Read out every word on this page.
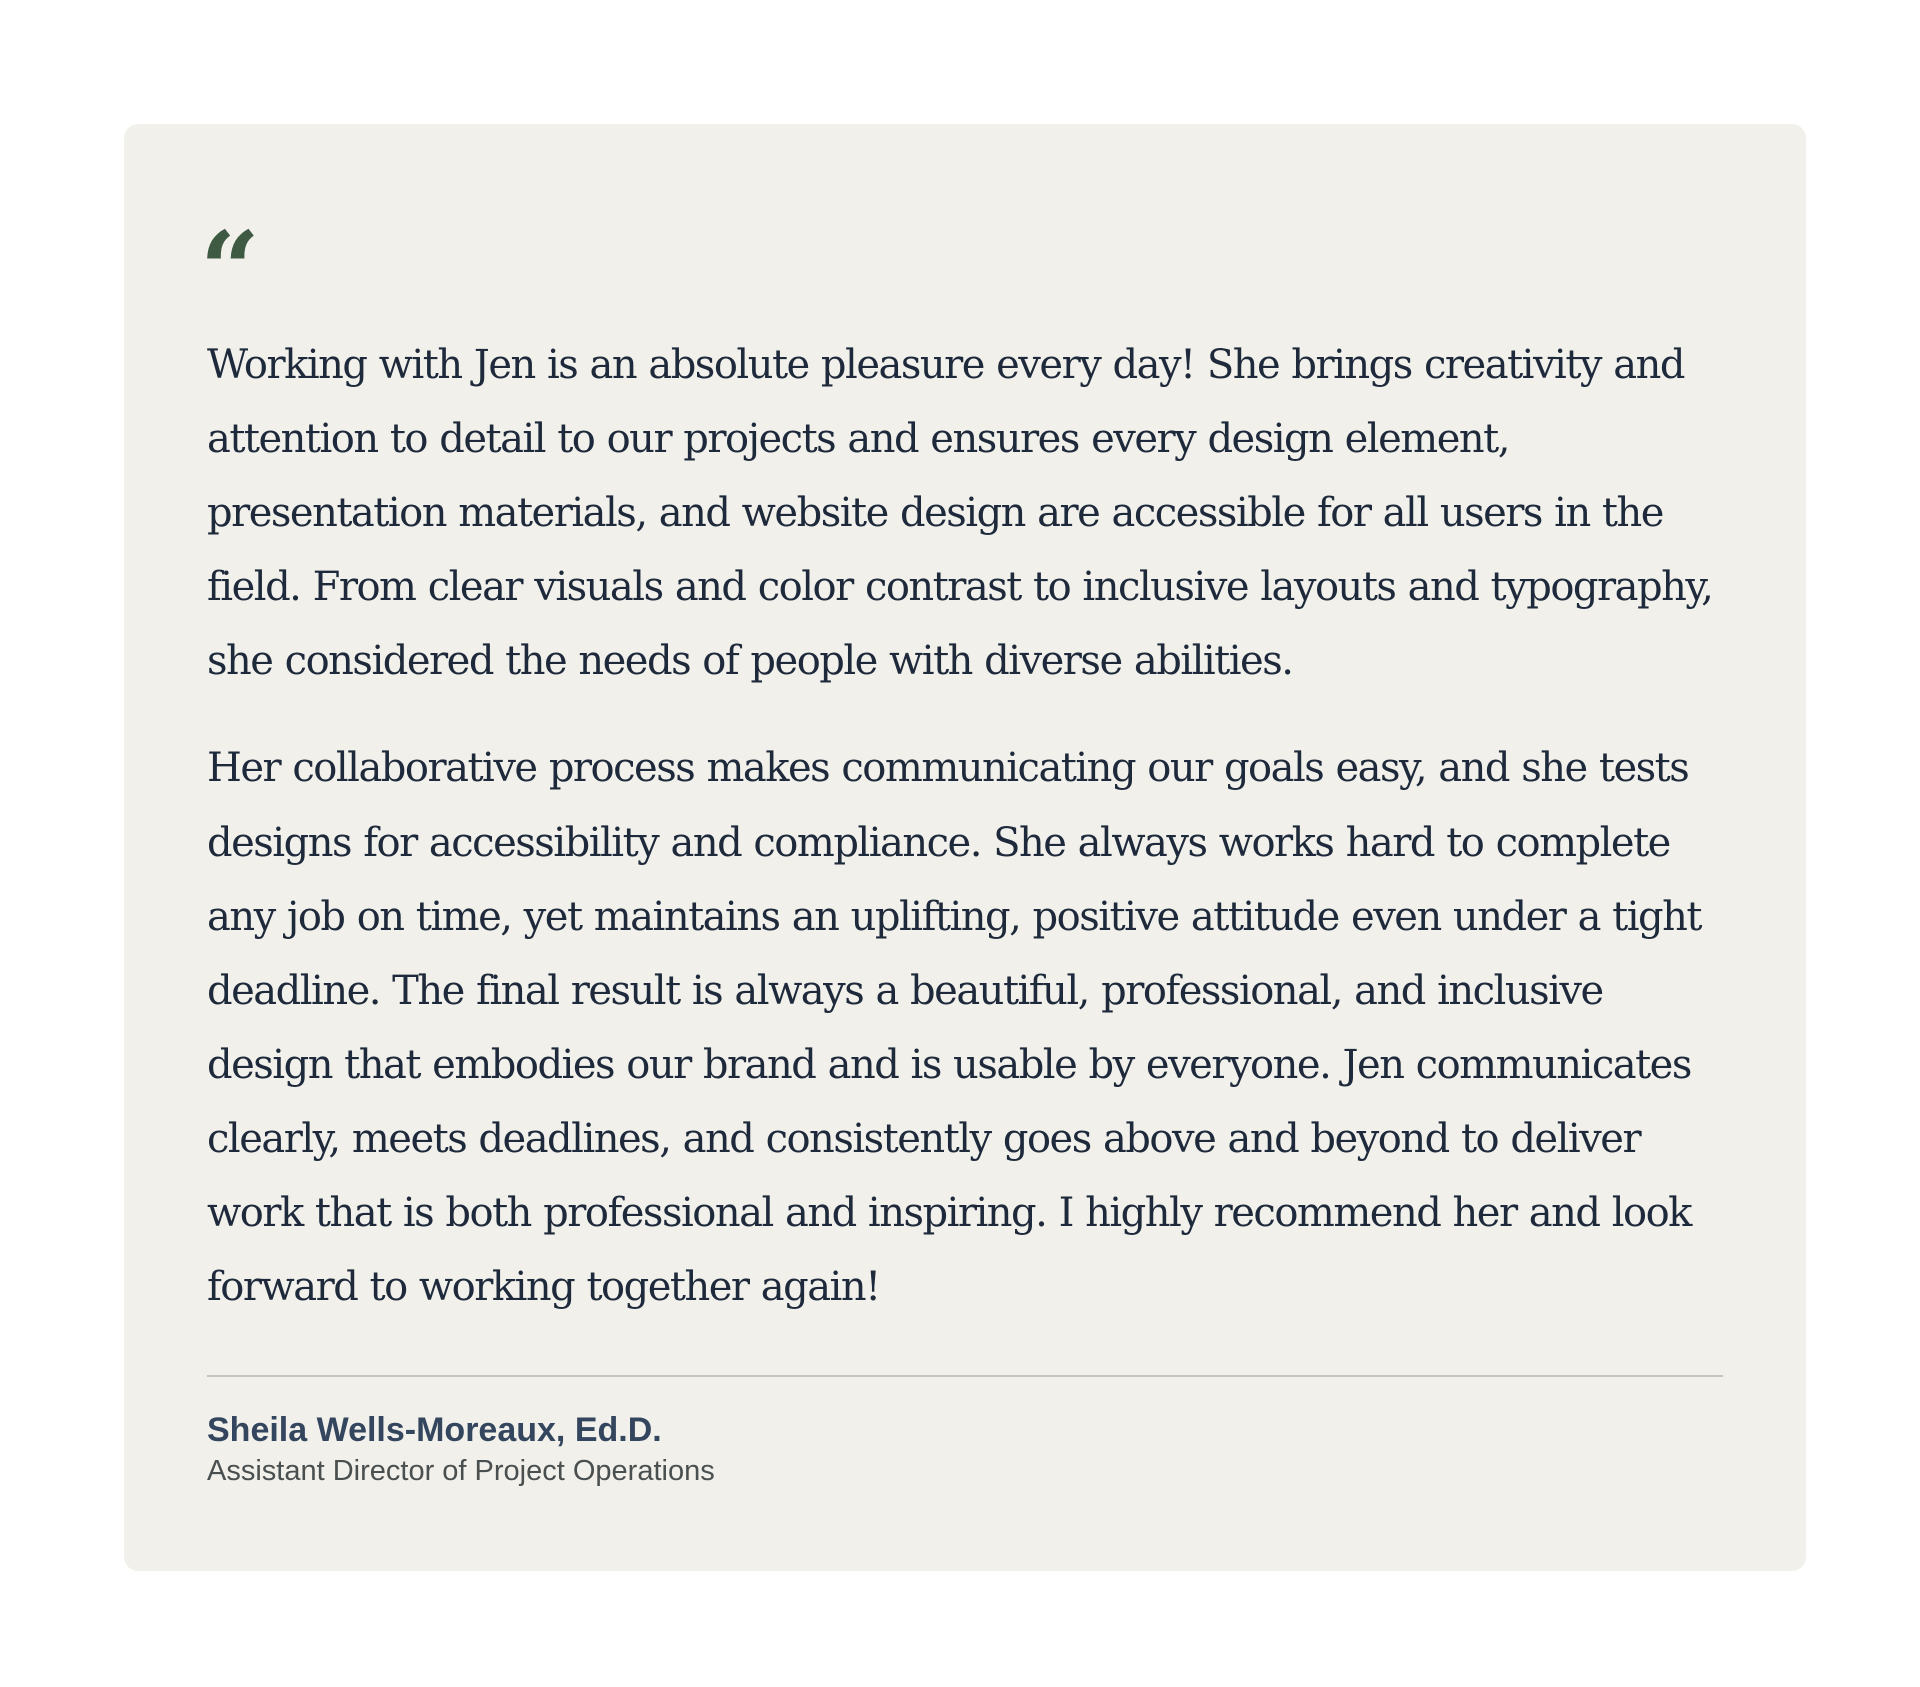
“

Working with Jen is an absolute pleasure every day! She brings creativity and attention to detail to our projects and ensures every design element, presentation materials, and website design are accessible for all users in the field. From clear visuals and color contrast to inclusive layouts and typography, she considered the needs of people with diverse abilities.

Her collaborative process makes communicating our goals easy, and she tests designs for accessibility and compliance. She always works hard to complete any job on time, yet maintains an uplifting, positive attitude even under a tight deadline. The final result is always a beautiful, professional, and inclusive design that embodies our brand and is usable by everyone. Jen communicates clearly, meets deadlines, and consistently goes above and beyond to deliver work that is both professional and inspiring. I highly recommend her and look forward to working together again!

Sheila Wells-Moreaux, Ed.D.
Assistant Director of Project Operations
